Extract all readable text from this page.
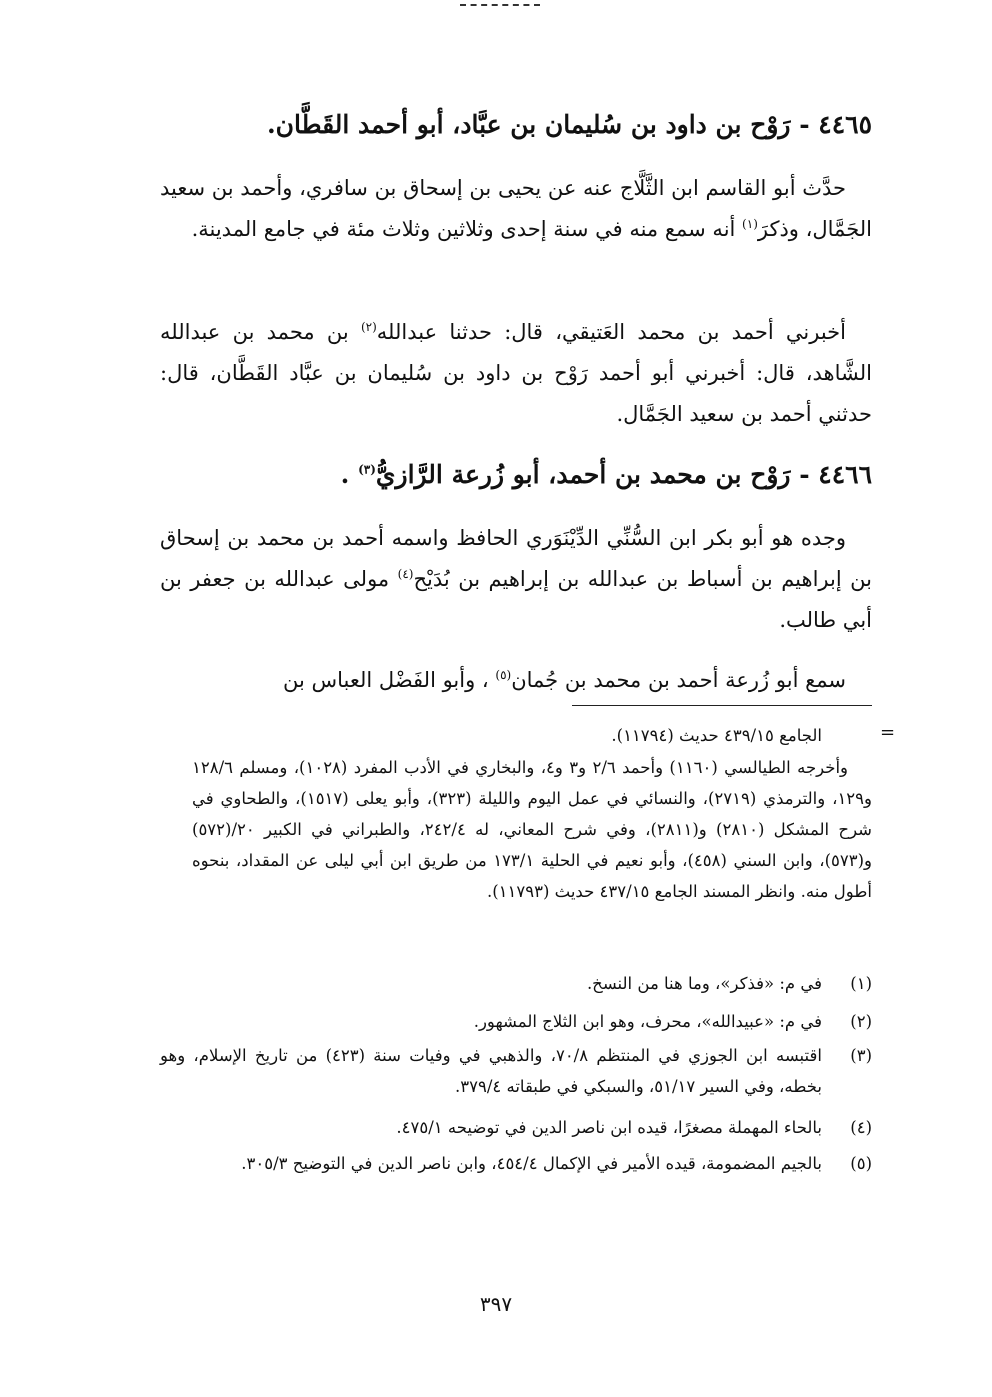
٤٤٦٥ - رَوْح بن داود بن سُليمان بن عبَّاد، أبو أحمد القَطَّان.
حدَّث أبو القاسم ابن الثَّلَّاج عنه عن يحيى بن إسحاق بن سافري، وأحمد بن سعيد الجَمَّال، وذكرَ$^{(١)}$ أنه سمع منه في سنة إحدى وثلاثين وثلاث مئة في جامع المدينة.
أخبرني أحمد بن محمد العَتيقي، قال: حدثنا عبدالله$^{(٢)}$ بن محمد بن عبدالله الشَّاهد، قال: أخبرني أبو أحمد رَوْح بن داود بن سُليمان بن عبَّاد القَطَّان، قال: حدثني أحمد بن سعيد الجَمَّال.
٤٤٦٦ - رَوْح بن محمد بن أحمد، أبو زُرعة الرَّازيُّ$^{(٣)}$ .
وجده هو أبو بكر ابن السُّنِّي الدِّيْنَوَري الحافظ واسمه أحمد بن محمد بن إسحاق بن إبراهيم بن أسباط بن عبدالله بن إبراهيم بن بُدَيْح$^{(٤)}$ مولى عبدالله بن جعفر بن أبي طالب.
سمع أبو زُرعة أحمد بن محمد بن جُمان$^{(٥)}$ ، وأبو الفَضْل العباس بن
=
الجامع ٤٣٩/١٥ حديث (١١٧٩٤).
وأخرجه الطيالسي (١١٦٠) وأحمد ٢/٦ و٣ و٤، والبخاري في الأدب المفرد (١٠٢٨)، ومسلم ١٢٨/٦ و١٢٩، والترمذي (٢٧١٩)، والنسائي في عمل اليوم والليلة (٣٢٣)، وأبو يعلى (١٥١٧)، والطحاوي في شرح المشكل (٢٨١٠) و(٢٨١١)، وفي شرح المعاني، له ٢٤٢/٤، والطبراني في الكبير ٢٠/(٥٧٢) و(٥٧٣)، وابن السني (٤٥٨)، وأبو نعيم في الحلية ١٧٣/١ من طريق ابن أبي ليلى عن المقداد، بنحوه أطول منه. وانظر المسند الجامع ٤٣٧/١٥ حديث (١١٧٩٣).
(١)
في م: «فذكر»، وما هنا من النسخ.
(٢)
في م: «عبيدالله»، محرف، وهو ابن الثلاج المشهور.
(٣)
اقتبسه ابن الجوزي في المنتظم ٧٠/٨، والذهبي في وفيات سنة (٤٢٣) من تاريخ الإسلام، وهو بخطه، وفي السير ٥١/١٧، والسبكي في طبقاته ٣٧٩/٤.
(٤)
بالحاء المهملة مصغرًا، قيده ابن ناصر الدين في توضيحه ٤٧٥/١.
(٥)
بالجيم المضمومة، قيده الأمير في الإكمال ٤٥٤/٤، وابن ناصر الدين في التوضيح ٣٠٥/٣.
٣٩٧
